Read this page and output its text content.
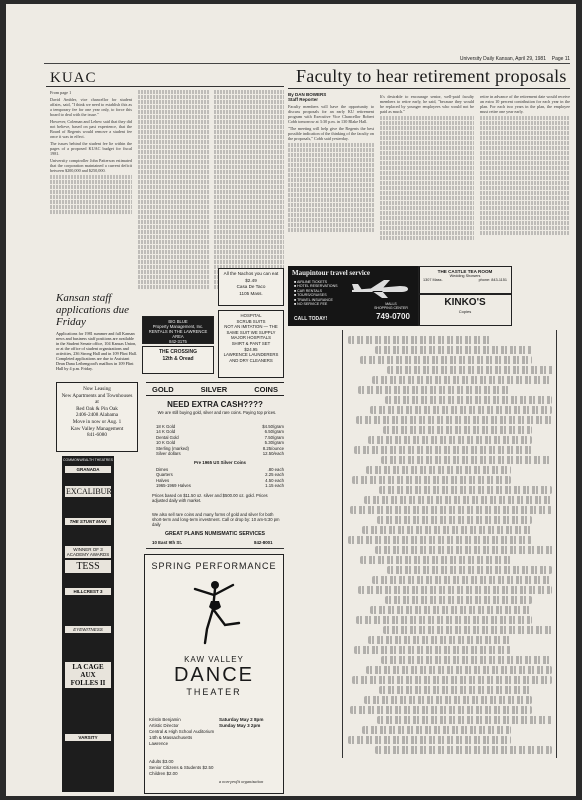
University Daily Kansan, April 29, 1981 Page 11
KUAC

From page 1

David Ambler, vice chancellor for student affairs, said, "I think we need to establish this as a temporary fee for one year only, to force this board to deal with the issue."

However, Coleman and Lehew said that they did not believe, based on past experience, that the Board of Regents would remove a student fee once it was in effect.

The issues behind the student fee lie within the pages of a proposed KUAC budget for fiscal 1981.

University comptroller John Patterson estimated that the corporation maintained a current deficit between $200,000 and $250,000.

Kansan staff applications due Friday
Applications for 1981 summer and fall Kansan news and business staff positions are available in the Student Senate office, 104 Kansas Union, or at the office of student organizations and activities, 236 Strong Hall and in 109 Flint Hall. Completed applications are due to Assistant Dean Dana Leibengood's mailbox in 109 Flint Hall by 4 p.m. Friday.
Now Leasing
New Apartments and Townhouses at
Red Oak & Pin Oak
2406-2408 Alabama
Move in now or Aug. 1
Kaw Valley Management
841-6080
COMMONWEALTH THEATRES
GRANADA
EXCALIBUR
THE STUNT MAN
WINNER OF 3 ACADEMY AWARDS
TESS
HILLCREST 3
EYEWITNESS
LA CAGE AUX FOLLES II
VARSITY
BIG BLUE
Property Management, Inc.
RENTALS IN THE LAWRENCE AREA
842-3175
THE CROSSING
12th & Oread
All the Nachos you can eat
$2.49
Casa De Taco
1105 Mass.
HOSPITAL
SCRUB SUITS
NOT AN IMITATION — THE SAME SUIT WE SUPPLY MAJOR HOSPITALS
SHIRT & PANT SET
$24.95
LAWRENCE LAUNDERERS AND DRY CLEANERS
GOLD	SILVER	COINS
NEED EXTRA CASH????
We are still buying gold, silver and rare coins. Paying top prices.
18 K Gold	$4.50/gram
14 K Gold	6.50/gram
Dental Gold	7.50/gram
10 K Gold	5.30/gram
Sterling (marked)	8.25/ounce
Silver dollars	12.50/each
Pre 1965 US Silver Coins
Dimes	.80 each
Quarters	2.25 each
Halves	4.50 each
1965-1969 Halves	1.15 each
Prices based on $11.50 oz. silver and $500.00 oz. gold. Prices adjusted daily with market.
We also sell rare coins and many forms of gold and silver for both short-term and long-term investment. Call or drop by: 10 am-5:30 pm daily
GREAT PLAINS NUMISMATIC SERVICES
10 East 9th St.	842-8001
SPRING PERFORMANCE
KAW VALLEY
DANCE
THEATER
Kristin Benjamin
Artistic Director
Central & High School Auditorium
14th & Massachusetts
Lawrence
Saturday May 2 8pm
Sunday May 3 2pm
Adults $3.00
Senior Citizens & Students $2.50
Children $2.00
a non-profit organization
Faculty to hear retirement proposals
By DAN BOWERS
Staff Reporter

Faculty members will have the opportunity to discuss proposals for an early KU retirement program with Executive Vice Chancellor Robert Cobb tomorrow at 3:30 p.m. in 130 Blake Hall.

"The meeting will help give the Regents the best possible indication of the thinking of the faculty on the proposals," Cobb said yesterday.

It's desirable to encourage senior, well-paid faculty members to retire early, he said, "because they would be replaced by younger employees who would not be paid as much."

retire in advance of the retirement date would receive an extra 10 percent contribution for each year in the plan. For each two years in the plan, the employee must retire one year early.

Maupintour travel service
■ AIRLINE TICKETS
■ HOTEL RESERVATIONS
■ CAR RENTALS
■ TOURS/CRUISES
■ TRAVEL INSURANCE
■ NO SERVICE FEE	MALLS
SHOPPING CENTER
749-0700
CALL TODAY!
THE CASTLE TEA ROOM
Wedding Showers
1307 Mass.	phone: 843-1151
KINKO'S
Copies
